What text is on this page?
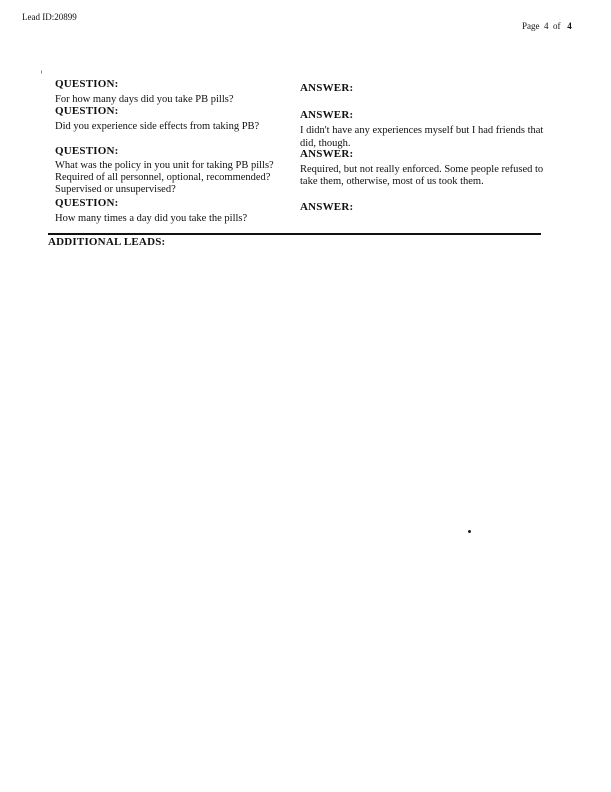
Lead ID:20899
Page 4 of 4
QUESTION:
For how many days did you take PB pills?
ANSWER:
QUESTION:
Did you experience side effects from taking PB?
ANSWER:
I didn't have any experiences myself but I had friends that
did, though.
QUESTION:
What was the policy in you unit for taking PB pills?
Required of all personnel, optional, recommended?
Supervised or unsupervised?
ANSWER:
Required, but not really enforced. Some people refused to
take them, otherwise, most of us took them.
QUESTION:
How many times a day did you take the pills?
ANSWER:
ADDITIONAL LEADS:
